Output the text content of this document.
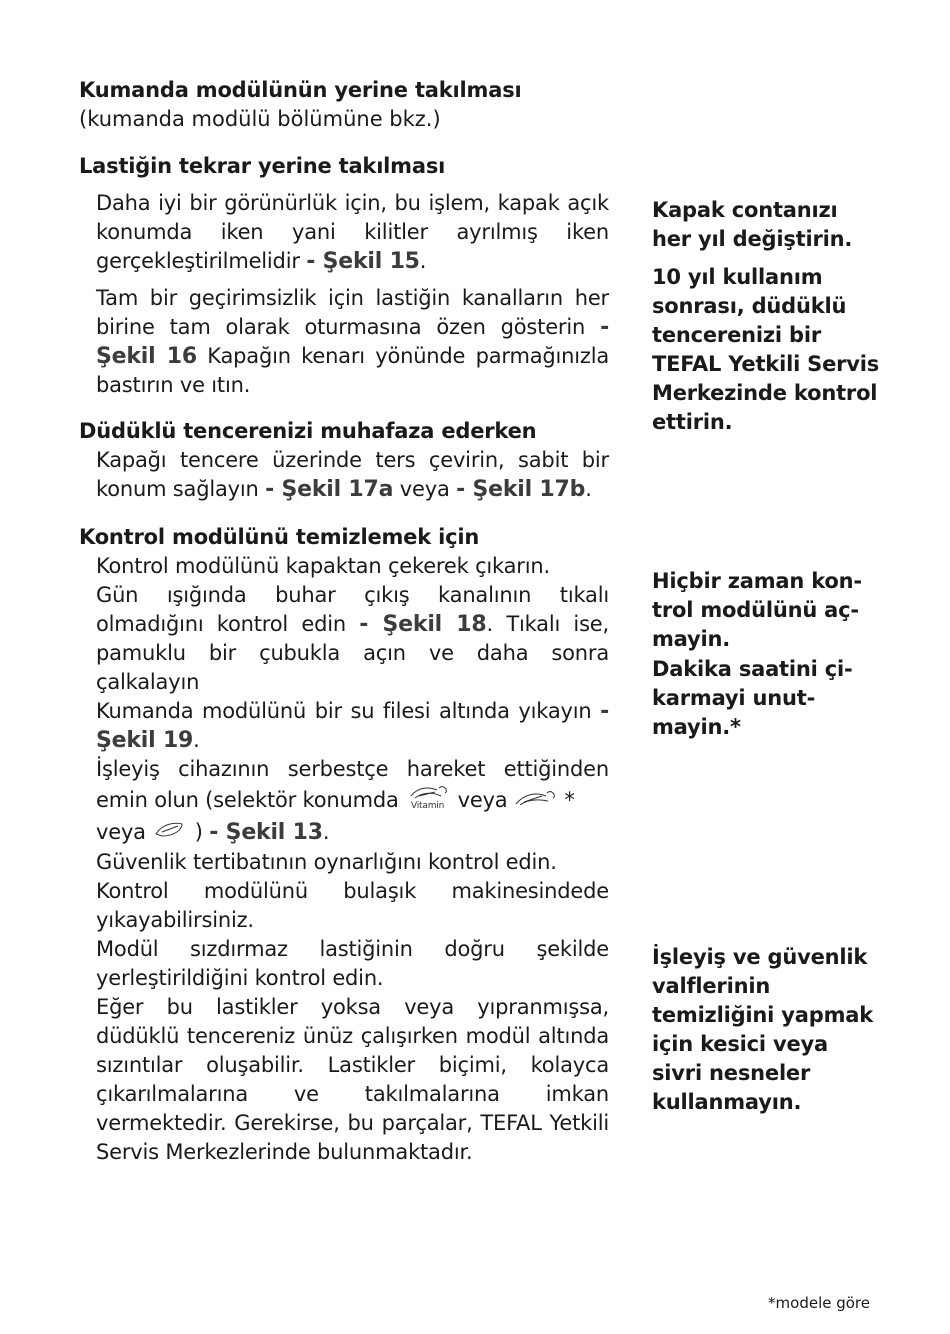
Kumanda modülünün yerine takılması

(kumanda modülü bölümüne bkz.)

Lastiğin tekrar yerine takılması

Daha iyi bir görünürlük için, bu işlem, kapak açık konumda iken yani kilitler ayrılmış iken gerçekleştirilmelidir - Şekil 15.

Tam bir geçirimsizlik için lastiğin kanalların her birine tam olarak oturmasına özen gösterin - Şekil 16 Kapağın kenarı yönünde parmağınızla bastırın ve ıtın.

Düdüklü tencerenizi muhafaza ederken

Kapağı tencere üzerinde ters çevirin, sabit bir konum sağlayın - Şekil 17a veya - Şekil 17b.

Kontrol modülünü temizlemek için

Kontrol modülünü kapaktan çekerek çıkarın.

Gün ışığında buhar çıkış kanalının tıkalı olmadığını kontrol edin - Şekil 18. Tıkalı ise, pamuklu bir çubukla açın ve daha sonra çalkalayın

Kumanda modülünü bir su filesi altında yıkayın - Şekil 19.

İşleyiş cihazının serbestçe hareket ettiğinden emin olun (selektör konumda Vitamin veya  *
veya  ) - Şekil 13.

Güvenlik tertibatının oynarlığını kontrol edin.

Kontrol modülünü bulaşık makinesindede yıkayabilirsiniz.

Modül sızdırmaz lastiğinin doğru şekilde yerleştirildiğini kontrol edin.

Eğer bu lastikler yoksa veya yıpranmışsa, düdüklü tencereniz ünüz çalışırken modül altında sızıntılar oluşabilir. Lastikler biçimi, kolayca çıkarılmalarına ve takılmalarına imkan vermektedir. Gerekirse, bu parçalar, TEFAL Yetkili Servis Merkezlerinde bulunmaktadır.

Kapak contanızı her yıl değiştirin.

10 yıl kullanım sonrası, düdüklü tencerenizi bir TEFAL Yetkili Servis Merkezinde kontrol ettirin.

Hiçbir zaman kon-trol modülünü aç-mayin.

Dakika saatini çi-karmayi unut-mayin.*

İşleyiş ve güvenlik valflerinin temizliğini yapmak için kesici veya sivri nesneler kullanmayın.

*modele göre
